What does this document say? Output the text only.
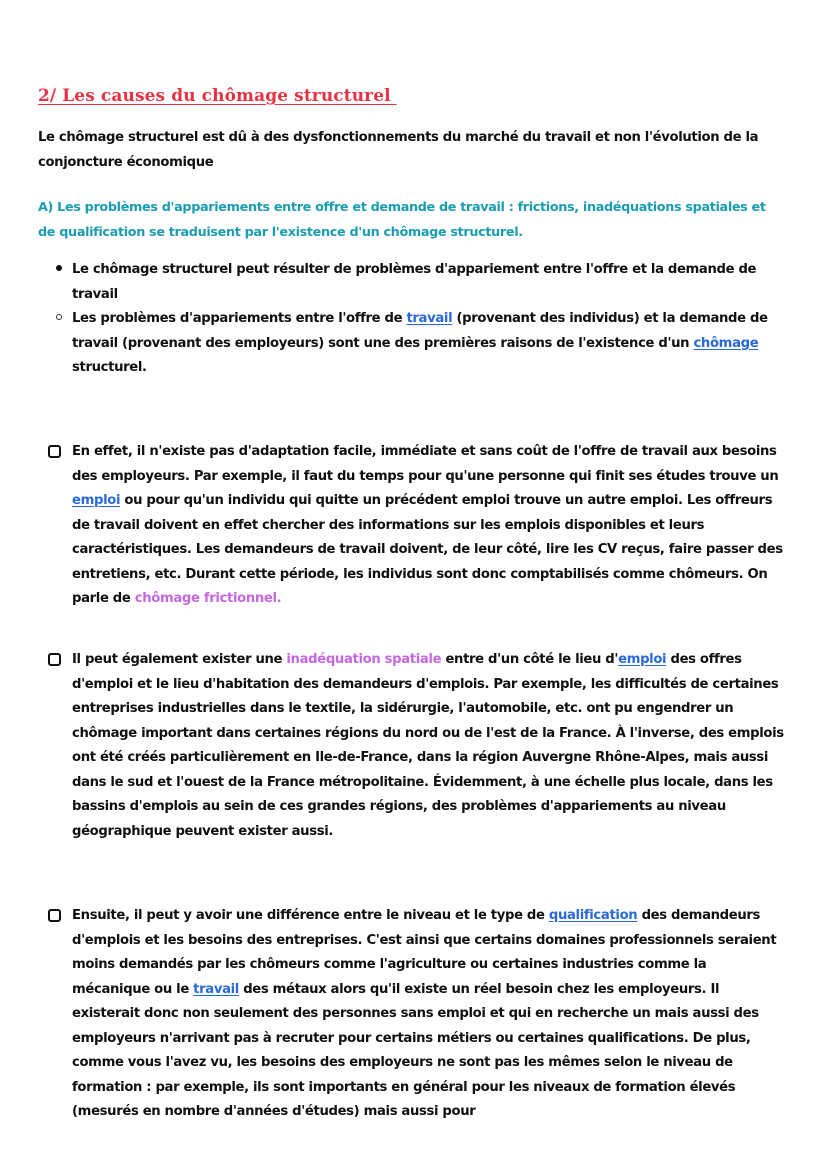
2/ Les causes du chômage structurel
Le chômage structurel est dû à des dysfonctionnements du marché du travail et non l'évolution de la conjoncture économique
A) Les problèmes d'appariements entre offre et demande de travail : frictions, inadéquations spatiales et de qualification se traduisent par l'existence d'un chômage structurel.
Le chômage structurel peut résulter de problèmes d'appariement entre l'offre et la demande de travail
Les problèmes d'appariements entre l'offre de travail (provenant des individus) et la demande de travail (provenant des employeurs) sont une des premières raisons de l'existence d'un chômage structurel.
En effet, il n'existe pas d'adaptation facile, immédiate et sans coût de l'offre de travail aux besoins des employeurs. Par exemple, il faut du temps pour qu'une personne qui finit ses études trouve un emploi ou pour qu'un individu qui quitte un précédent emploi trouve un autre emploi. Les offreurs de travail doivent en effet chercher des informations sur les emplois disponibles et leurs caractéristiques. Les demandeurs de travail doivent, de leur côté, lire les CV reçus, faire passer des entretiens, etc. Durant cette période, les individus sont donc comptabilisés comme chômeurs. On parle de chômage frictionnel.
Il peut également exister une inadéquation spatiale entre d'un côté le lieu d'emploi des offres d'emploi et le lieu d'habitation des demandeurs d'emplois. Par exemple, les difficultés de certaines entreprises industrielles dans le textile, la sidérurgie, l'automobile, etc. ont pu engendrer un chômage important dans certaines régions du nord ou de l'est de la France. À l'inverse, des emplois ont été créés particulièrement en Ile-de-France, dans la région Auvergne Rhône-Alpes, mais aussi dans le sud et l'ouest de la France métropolitaine. Évidemment, à une échelle plus locale, dans les bassins d'emplois au sein de ces grandes régions, des problèmes d'appariements au niveau géographique peuvent exister aussi.
Ensuite, il peut y avoir une différence entre le niveau et le type de qualification des demandeurs d'emplois et les besoins des entreprises. C'est ainsi que certains domaines professionnels seraient moins demandés par les chômeurs comme l'agriculture ou certaines industries comme la mécanique ou le travail des métaux alors qu'il existe un réel besoin chez les employeurs. Il existerait donc non seulement des personnes sans emploi et qui en recherche un mais aussi des employeurs n'arrivant pas à recruter pour certains métiers ou certaines qualifications. De plus, comme vous l'avez vu, les besoins des employeurs ne sont pas les mêmes selon le niveau de formation : par exemple, ils sont importants en général pour les niveaux de formation élevés (mesurés en nombre d'années d'études) mais aussi pour
